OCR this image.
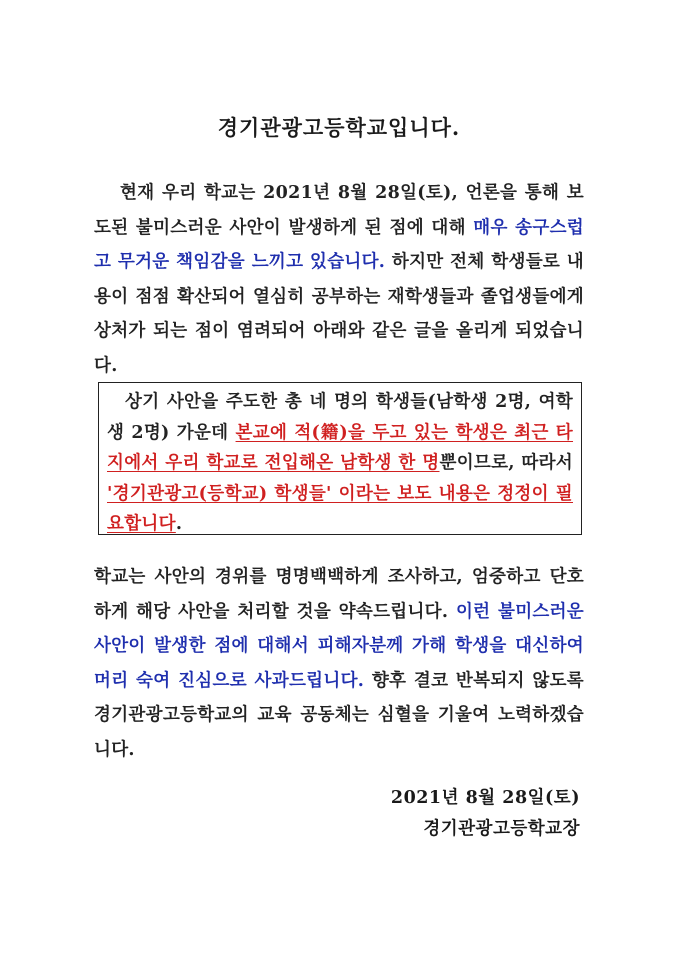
경기관광고등학교입니다.
현재 우리 학교는 2021년 8월 28일(토), 언론을 통해 보도된 불미스러운 사안이 발생하게 된 점에 대해 매우 송구스럽고 무거운 책임감을 느끼고 있습니다. 하지만 전체 학생들로 내용이 점점 확산되어 열심히 공부하는 재학생들과 졸업생들에게 상처가 되는 점이 염려되어 아래와 같은 글을 올리게 되었습니다.
상기 사안을 주도한 총 네 명의 학생들(남학생 2명, 여학생 2명) 가운데 본교에 적(籍)을 두고 있는 학생은 최근 타지에서 우리 학교로 전입해온 남학생 한 명뿐이므로, 따라서 '경기관광고(등학교) 학생들' 이라는 보도 내용은 정정이 필요합니다.
학교는 사안의 경위를 명명백백하게 조사하고, 엄중하고 단호하게 해당 사안을 처리할 것을 약속드립니다. 이런 불미스러운 사안이 발생한 점에 대해서 피해자분께 가해 학생을 대신하여 머리 숙여 진심으로 사과드립니다. 향후 결코 반복되지 않도록 경기관광고등학교의 교육 공동체는 심혈을 기울여 노력하겠습니다.
2021년 8월 28일(토)
경기관광고등학교장
